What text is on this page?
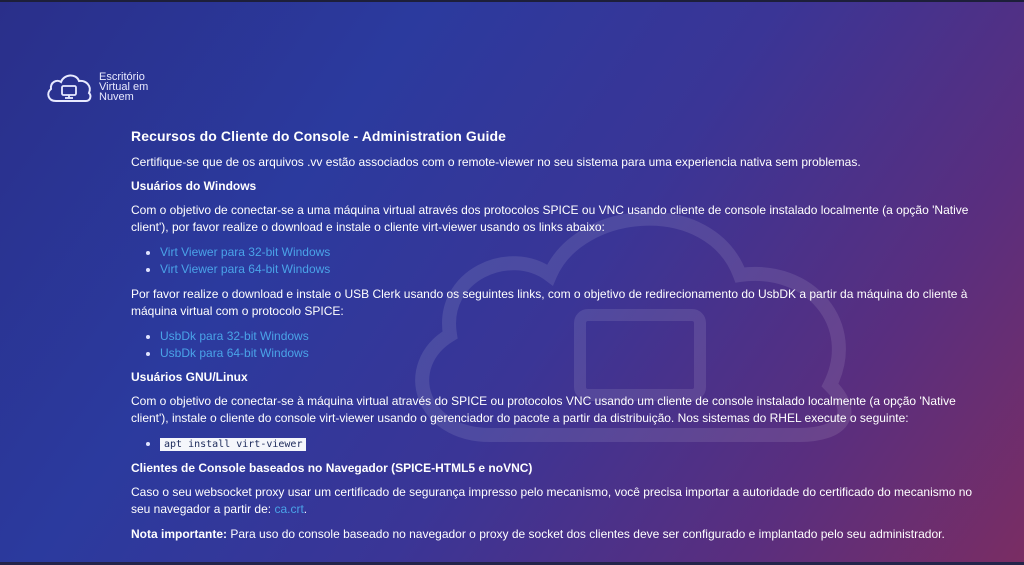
Escritório
Virtual em
Nuvem
Recursos do Cliente do Console - Administration Guide

Certifique-se que de os arquivos .vv estão associados com o remote-viewer no seu sistema para uma experiencia nativa sem problemas.

Usuários do Windows

Com o objetivo de conectar-se a uma máquina virtual através dos protocolos SPICE ou VNC usando cliente de console instalado localmente (a opção 'Native client'), por favor realize o download e instale o cliente virt-viewer usando os links abaixo:

• Virt Viewer para 32-bit Windows
• Virt Viewer para 64-bit Windows

Por favor realize o download e instale o USB Clerk usando os seguintes links, com o objetivo de redirecionamento do UsbDK a partir da máquina do cliente à máquina virtual com o protocolo SPICE:

• UsbDk para 32-bit Windows
• UsbDk para 64-bit Windows
Usuários GNU/Linux

Com o objetivo de conectar-se à máquina virtual através do SPICE ou protocolos VNC usando um cliente de console instalado localmente (a opção 'Native client'), instale o cliente do console virt-viewer usando o gerenciador do pacote a partir da distribuição. Nos sistemas do RHEL execute o seguinte:

• apt install virt-viewer
Clientes de Console baseados no Navegador (SPICE-HTML5 e noVNC)

Caso o seu websocket proxy usar um certificado de segurança impresso pelo mecanismo, você precisa importar a autoridade do certificado do mecanismo no seu navegador a partir de: ca.crt.

Nota importante: Para uso do console baseado no navegador o proxy de socket dos clientes deve ser configurado e implantado pelo seu administrador.
